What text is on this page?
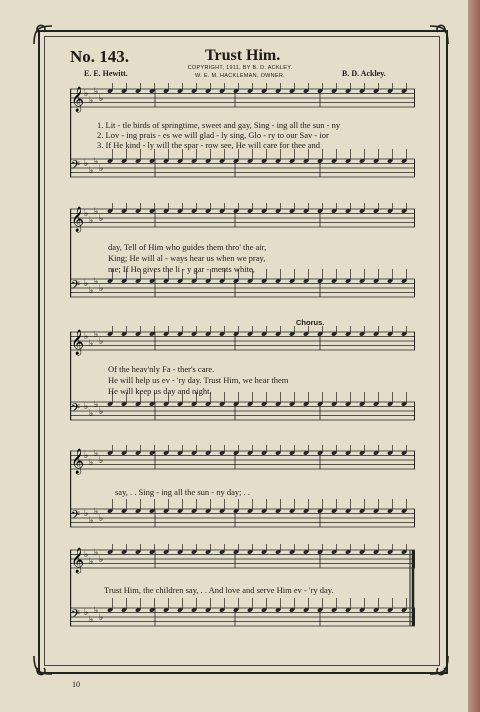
No. 143.	Trust Him.
COPYRIGHT, 1911, BY B. D. ACKLEY.
W. E. M. HACKLEMAN, OWNER.
E. E. Hewitt.	B. D. Ackley.
♭
♭
♭
♭
𝄞
♭
♭
♭
♭
𝄢
♭
♭
♭
♭
𝄞
♭
♭
♭
♭
𝄢
♭
♭
♭
♭
𝄞
♭
♭
♭
♭
𝄢
♭
♭
♭
♭
𝄞
♭
♭
♭
♭
𝄢
♭
♭
♭
♭
𝄞
♭
♭
♭
♭
𝄢
1. Lit - tle birds of springtime, sweet and gay, Sing - ing all the sun - ny
2. Lov - ing prais - es we will glad - ly sing, Glo - ry to our Sav - ior
3. If He kind - ly will the spar - row see, He will care for thee and
day, Tell of Him who guides them thro' the air,
King; He will al - ways hear us when we pray,
me; If He gives the li - y gar - ments white,
Chorus.
Of the heav'nly Fa - ther's care.
He will help us ev - 'ry day. Trust Him, we hear them
He will keep us day and night.
say, . . Sing - ing all the sun - ny day; . .
Trust Him, the children say, . . And love and serve Him ev - 'ry day.
10
